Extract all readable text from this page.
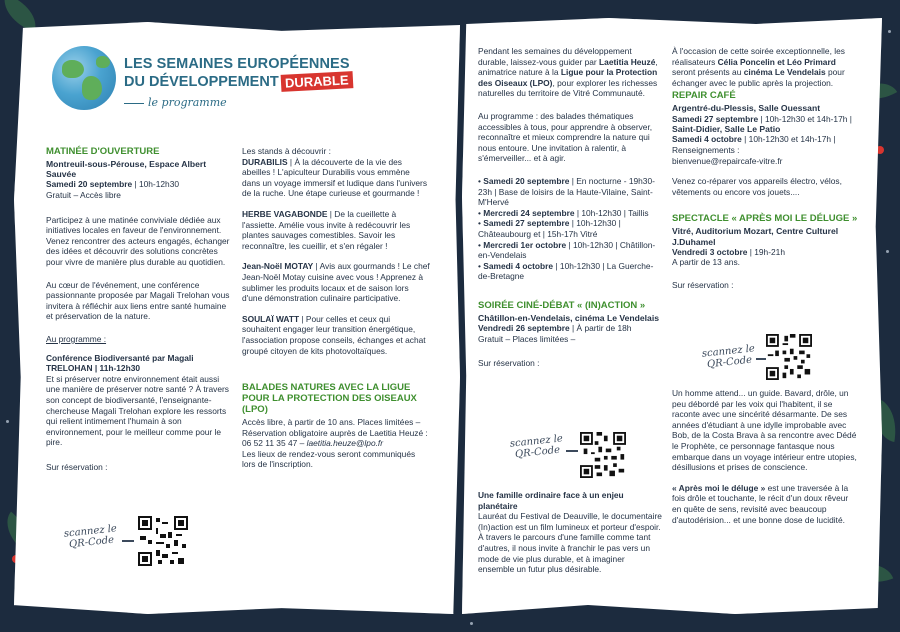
LES SEMAINES EUROPÉENNES
DU DÉVELOPPEMENT DURABLE
le programme
MATINÉE D'OUVERTURE
Montreuil-sous-Pérouse, Espace Albert Sauvée
Samedi 20 septembre | 10h-12h30

Gratuit – Accès libre

Participez à une matinée conviviale dédiée aux initiatives locales en faveur de l'environnement. Venez rencontrer des acteurs engagés, échanger des idées et découvrir des solutions concrètes pour vivre de manière plus durable au quotidien.

Au cœur de l'événement, une conférence passionnante proposée par Magali Trelohan vous invitera à réfléchir aux liens entre santé humaine et préservation de la nature.

Au programme :

Conférence Biodiversanté par Magali TRELOHAN | 11h-12h30

Et si préserver notre environnement était aussi une manière de préserver notre santé ? À travers son concept de biodiversanté, l'enseignante-chercheuse Magali Trelohan explore les ressorts qui relient intimement l'humain à son environnement, pour le meilleur comme pour le pire.

Sur réservation :
scannez le QR-Code
Les stands à découvrir :

DURABILIS | À la découverte de la vie des abeilles ! L'apiculteur Durabilis vous emmène dans un voyage immersif et ludique dans l'univers de la ruche. Une étape curieuse et gourmande !

HERBE VAGABONDE | De la cueillette à l'assiette. Amélie vous invite à redécouvrir les plantes sauvages comestibles. Savoir les reconnaître, les cueillir, et s'en régaler !

Jean-Noël MOTAY | Avis aux gourmands ! Le chef Jean-Noël Motay cuisine avec vous ! Apprenez à sublimer les produits locaux et de saison lors d'une démonstration culinaire participative.

SOULAÏ WATT | Pour celles et ceux qui souhaitent engager leur transition énergétique, l'association propose conseils, échanges et achat groupé citoyen de kits photovoltaïques.

BALADES NATURES AVEC LA LIGUE POUR LA PROTECTION DES OISEAUX (LPO)
Accès libre, à partir de 10 ans. Places limitées – Réservation obligatoire auprès de Laetitia Heuzé :
06 52 11 35 47 – laetitia.heuze@lpo.fr
Les lieux de rendez-vous seront communiqués lors de l'inscription.

Pendant les semaines du développement durable, laissez-vous guider par Laetitia Heuzé, animatrice nature à la Ligue pour la Protection des Oiseaux (LPO), pour explorer les richesses naturelles du territoire de Vitré Communauté.

Au programme : des balades thématiques accessibles à tous, pour apprendre à observer, reconnaître et mieux comprendre la nature qui nous entoure. Une invitation à ralentir, à s'émerveiller... et à agir.

• Samedi 20 septembre | En nocturne - 19h30-23h | Base de loisirs de la Haute-Vilaine, Saint-M'Hervé
• Mercredi 24 septembre | 10h-12h30 | Taillis
• Samedi 27 septembre | 10h-12h30 | Châteaubourg et | 15h-17h Vitré
• Mercredi 1er octobre | 10h-12h30 | Châtillon-en-Vendelais
• Samedi 4 octobre | 10h-12h30 | La Guerche-de-Bretagne
SOIRÉE CINÉ-DÉBAT « (IN)ACTION »
Châtillon-en-Vendelais, cinéma Le Vendelais
Vendredi 26 septembre | À partir de 18h
Gratuit – Places limitées –
Sur réservation :
scannez le QR-Code
Une famille ordinaire face à un enjeu planétaire
Lauréat du Festival de Deauville, le documentaire (In)action est un film lumineux et porteur d'espoir. À travers le parcours d'une famille comme tant d'autres, il nous invite à franchir le pas vers un mode de vie plus durable, et à imaginer ensemble un futur plus désirable.

À l'occasion de cette soirée exceptionnelle, les réalisateurs Célia Poncelin et Léo Primard seront présents au cinéma Le Vendelais pour échanger avec le public après la projection.

REPAIR CAFÉ
Argentré-du-Plessis, Salle Ouessant
Samedi 27 septembre | 10h-12h30 et 14h-17h |
Saint-Didier, Salle Le Patio
Samedi 4 octobre | 10h-12h30 et 14h-17h |
Renseignements :

bienvenue@repaircafe-vitre.fr

Venez co-réparer vos appareils électro, vélos, vêtements ou encore vos jouets....

SPECTACLE « APRÈS MOI LE DÉLUGE »
Vitré, Auditorium Mozart, Centre Culturel J.Duhamel
Vendredi 3 octobre | 19h-21h
A partir de 13 ans.
Sur réservation :
scannez le QR-Code

Un homme attend... un guide. Bavard, drôle, un peu débordé par les voix qui l'habitent, il se raconte avec une sincérité désarmante. De ses années d'étudiant à une idylle improbable avec Bob, de la Costa Brava à sa rencontre avec Dédé le Prophète, ce personnage fantasque nous embarque dans un voyage intérieur entre utopies, désillusions et prises de conscience.

« Après moi le déluge » est une traversée à la fois drôle et touchante, le récit d'un doux rêveur en quête de sens, revisité avec beaucoup d'autodérision... et une bonne dose de lucidité.
